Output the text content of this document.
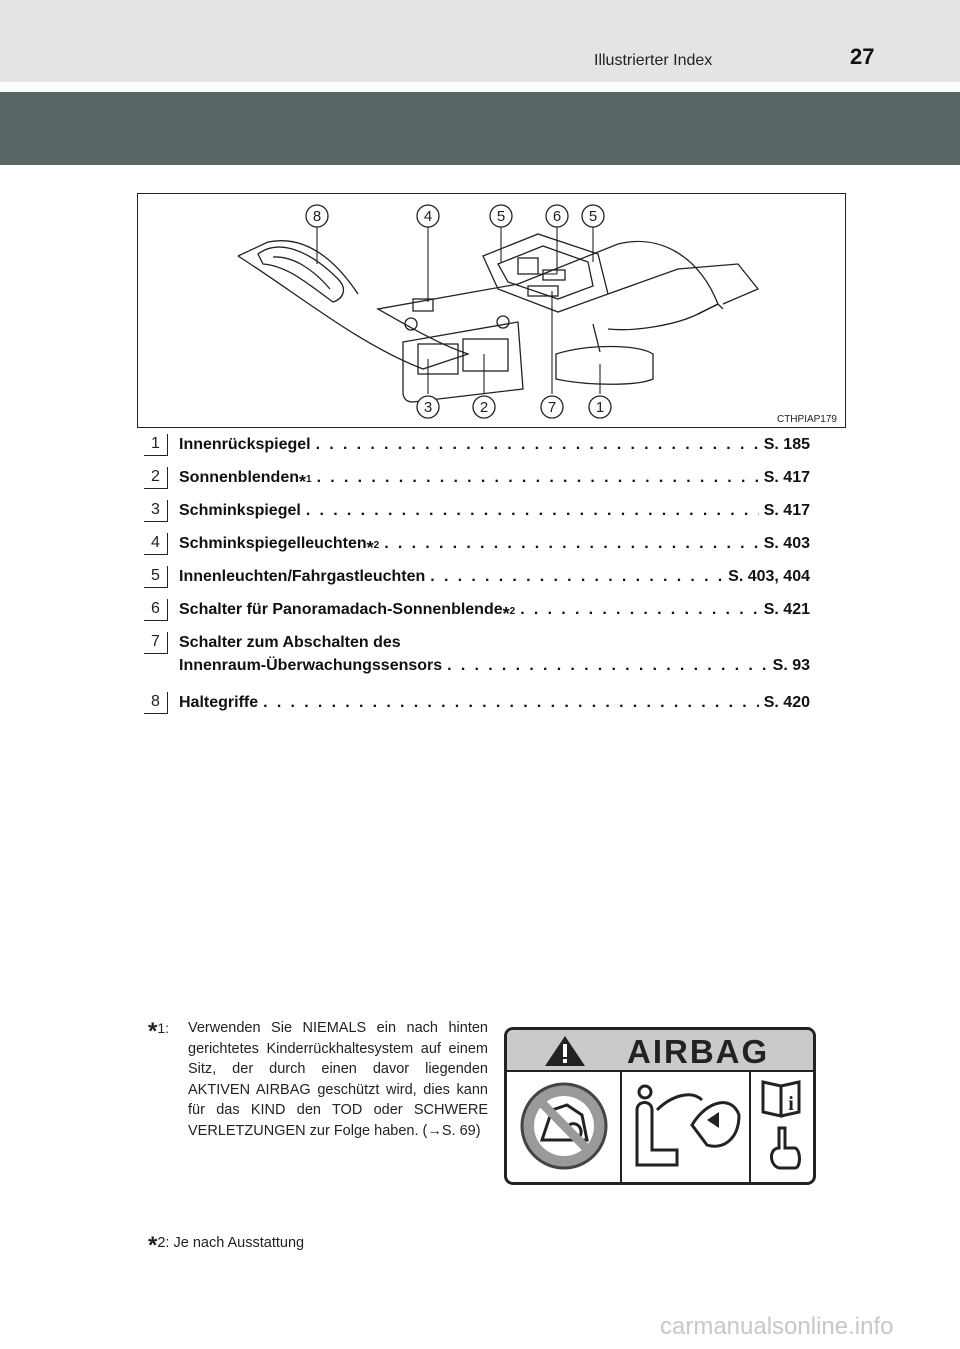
Illustrierter Index	27
8	4	5	6 5
3	2	7	1
CTHPIAP179
1	Innenrückspiegel . . .	S. 185
2	Sonnenblenden $_{*1}$ . . .	S. 417
3	Schminkspiegel . . .	S. 417
4	Schminkspiegelleuchten $_{*2}$ . . .	S. 403
5	Innenleuchten/Fahrgastleuchten . . .	S. 403, 404
6	Schalter für Panoramadach-Sonnenblende $_{*2}$ . . .	S. 421
7	Schalter zum Abschalten des
Innenraum-Überwachungssensors . . .	S. 93
8	Haltegriffe . . .	S. 420
*1: Verwenden Sie NIEMALS ein nach hinten gerichtetes Kinderrückhaltesystem auf einem Sitz, der durch einen davor liegenden AKTIVEN AIRBAG geschützt wird, dies kann für das KIND den TOD oder SCHWERE VERLETZUNGEN zur Folge haben. (→S. 69)
AIRBAG
i
*2: Je nach Ausstattung
carmanualsonline.info
